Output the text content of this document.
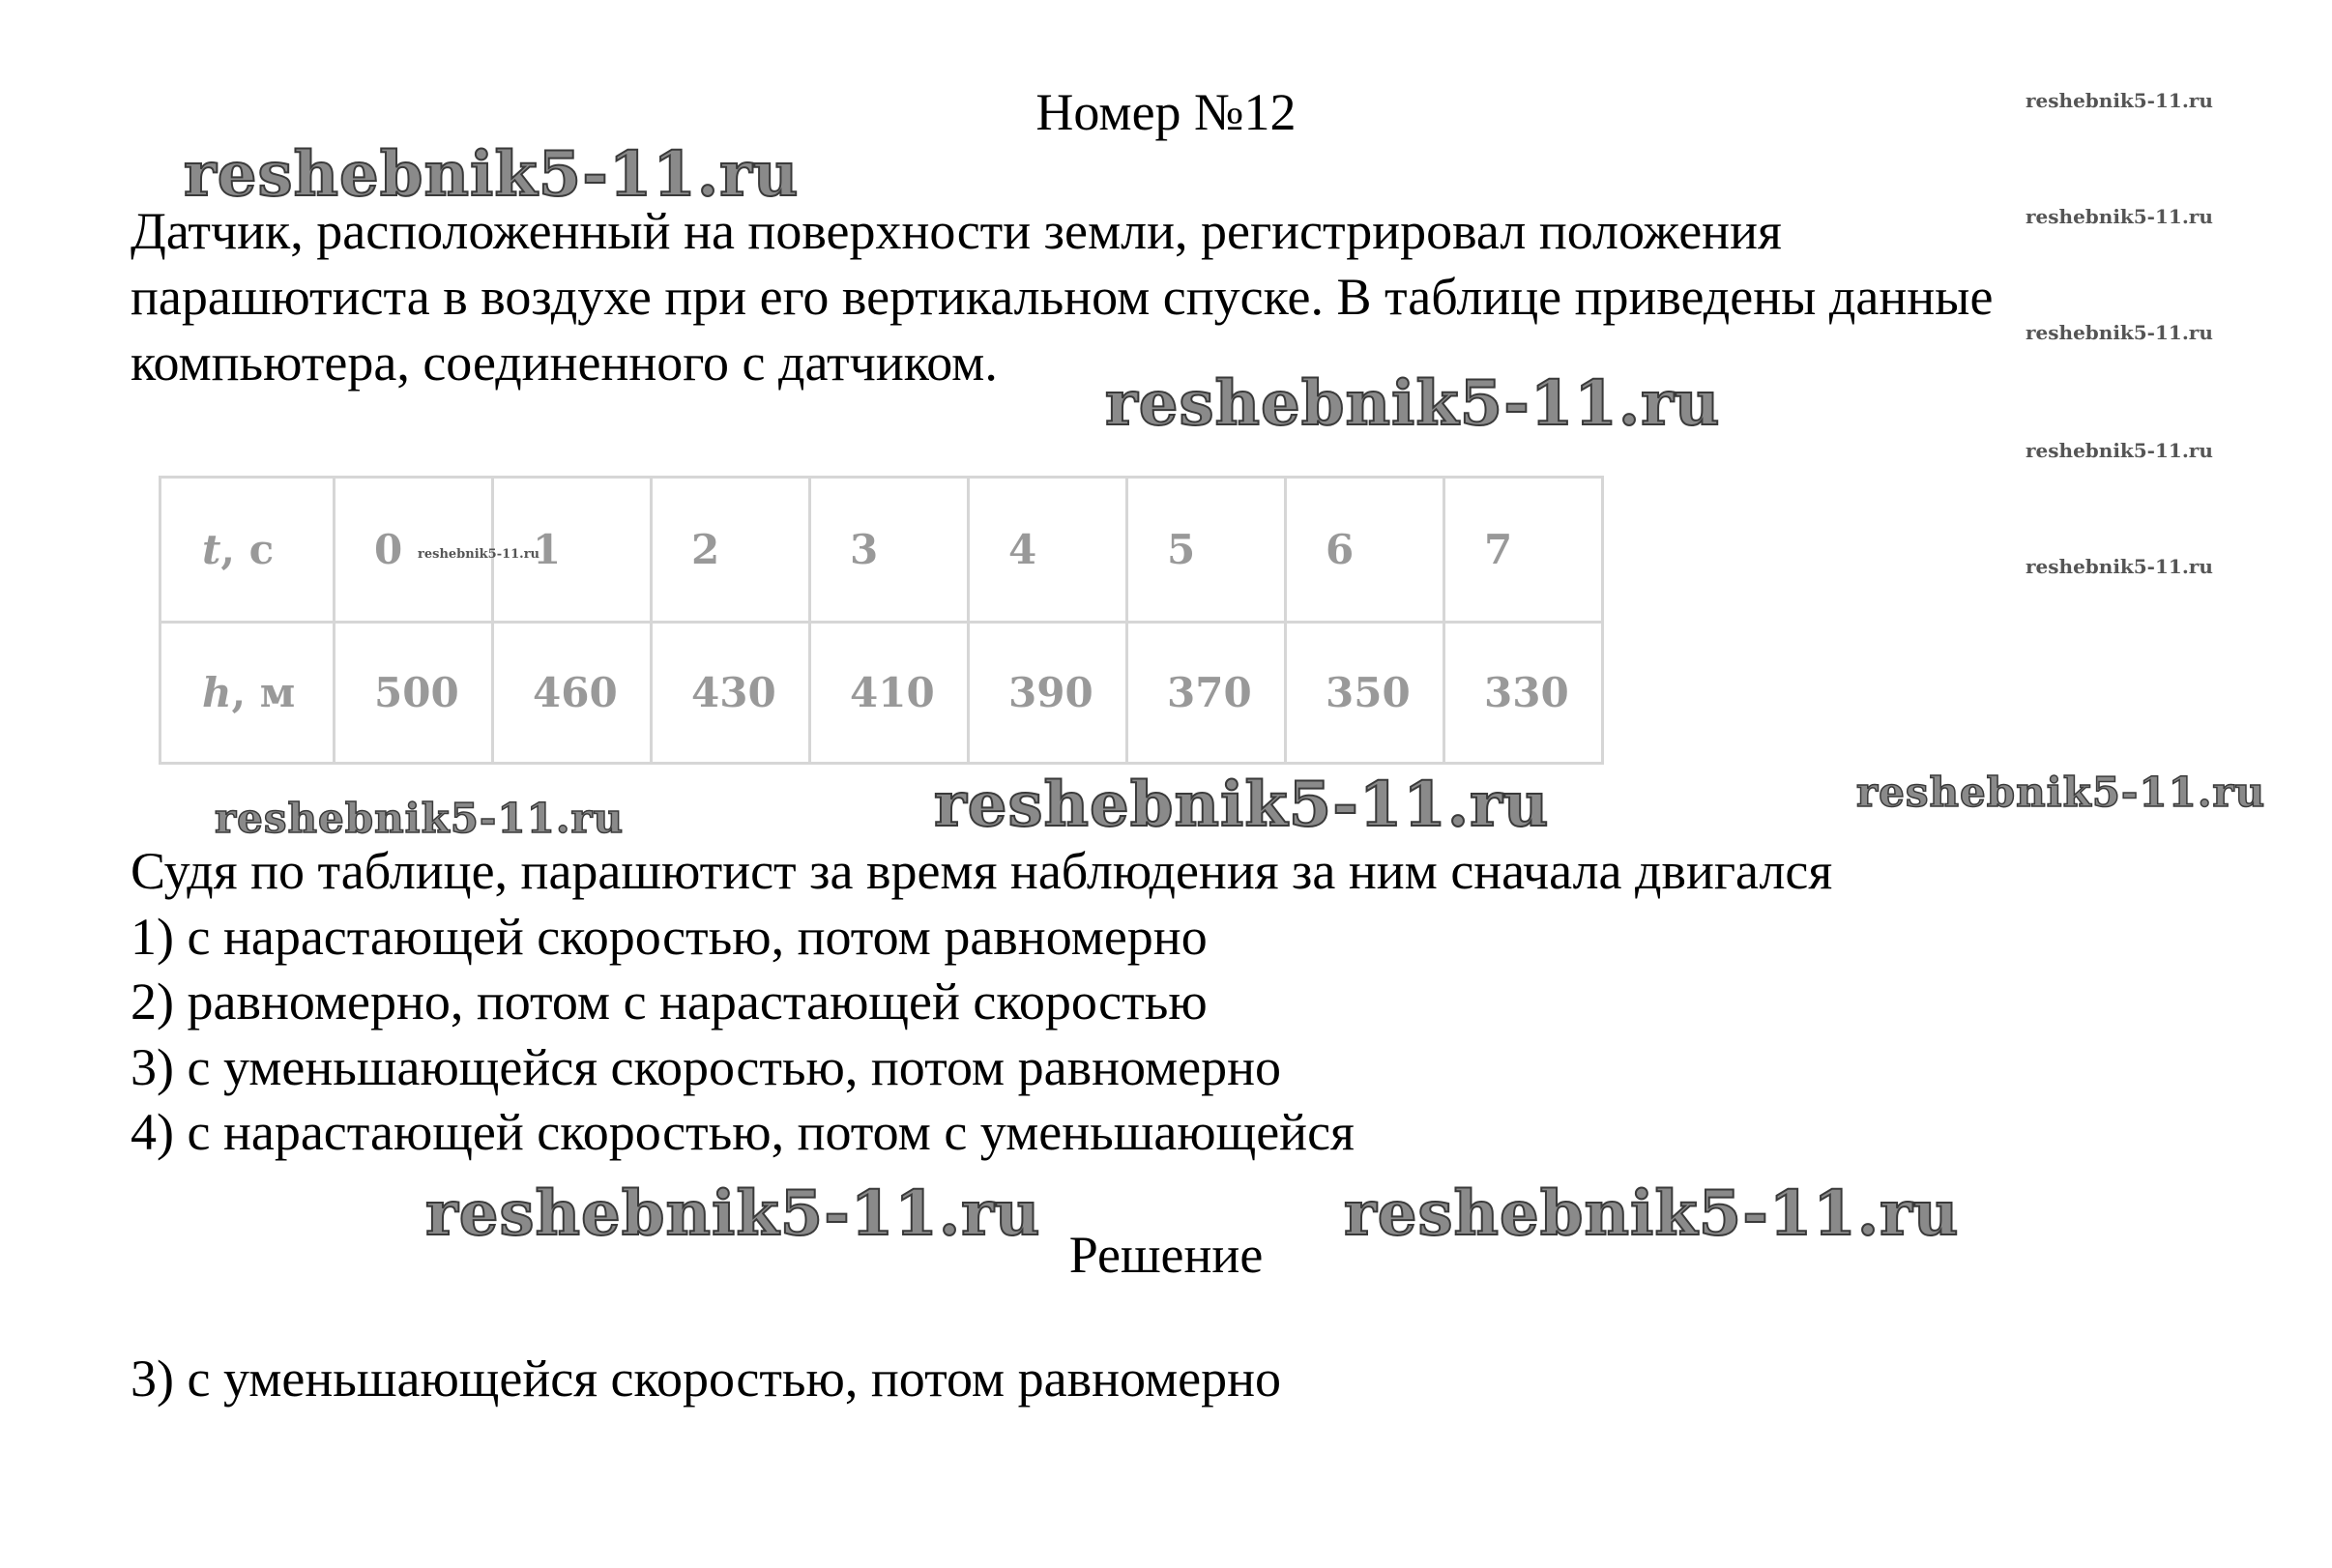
Номер №12
Датчик, расположенный на поверхности земли, регистрировал положения
парашютиста в воздухе при его вертикальном спуске. В таблице приведены данные
компьютера, соединенного с датчиком.
t, с	0	1	2	3	4	5	6	7
h, м	500	460	430	410	390	370	350	330
Судя по таблице, парашютист за время наблюдения за ним сначала двигался
1) с нарастающей скоростью, потом равномерно
2) равномерно, потом с нарастающей скоростью
3) с уменьшающейся скоростью, потом равномерно
4) с нарастающей скоростью, потом с уменьшающейся
Решение
3) с уменьшающейся скоростью, потом равномерно
reshebnik5-11.ru
reshebnik5-11.ru
reshebnik5-11.ru
reshebnik5-11.ru	reshebnik5-11.ru
reshebnik5-11.ru
reshebnik5-11.ru
reshebnik5-11.ru
reshebnik5-11.ru
reshebnik5-11.ru
reshebnik5-11.ru
reshebnik5-11.ru
reshebnik5-11.ru
